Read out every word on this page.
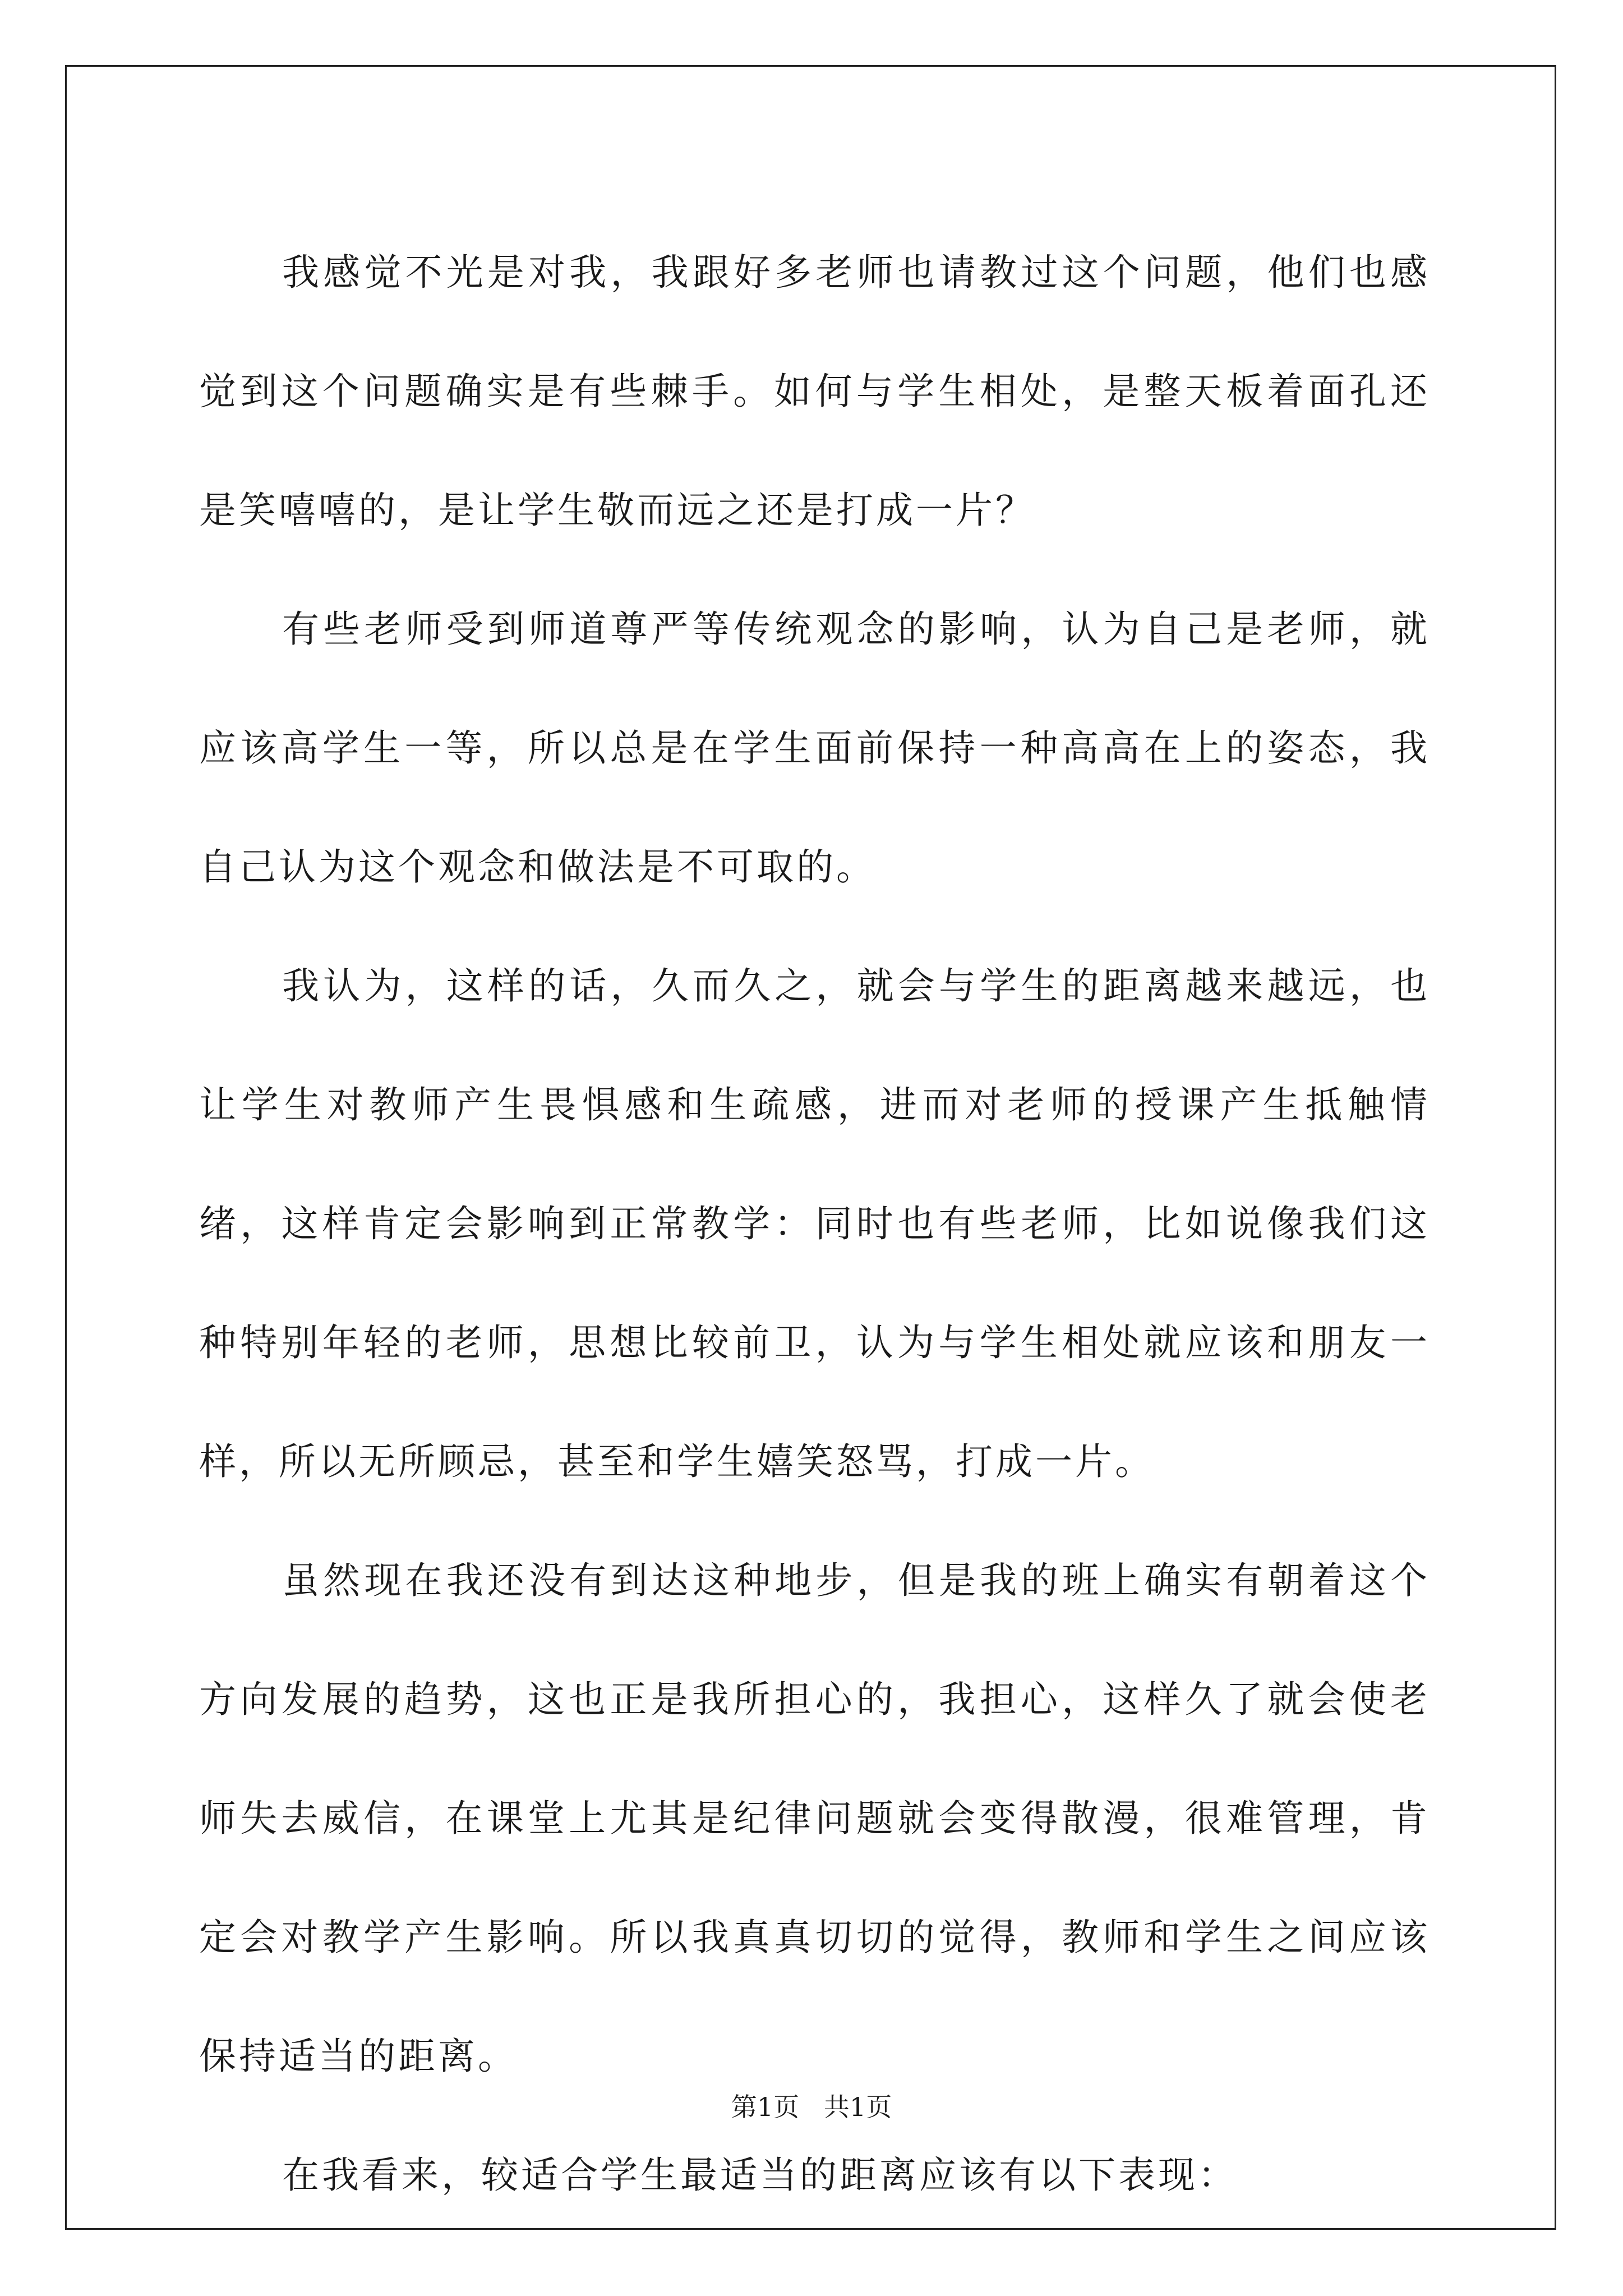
我感觉不光是对我，我跟好多老师也请教过这个问题，他们也感觉到这个问题确实是有些棘手。如何与学生相处，是整天板着面孔还是笑嘻嘻的，是让学生敬而远之还是打成一片？

有些老师受到师道尊严等传统观念的影响，认为自己是老师，就应该高学生一等，所以总是在学生面前保持一种高高在上的姿态，我自己认为这个观念和做法是不可取的。

我认为，这样的话，久而久之，就会与学生的距离越来越远，也让学生对教师产生畏惧感和生疏感，进而对老师的授课产生抵触情绪，这样肯定会影响到正常教学：同时也有些老师，比如说像我们这种特别年轻的老师，思想比较前卫，认为与学生相处就应该和朋友一样，所以无所顾忌，甚至和学生嬉笑怒骂，打成一片。

虽然现在我还没有到达这种地步，但是我的班上确实有朝着这个方向发展的趋势，这也正是我所担心的，我担心，这样久了就会使老师失去威信，在课堂上尤其是纪律问题就会变得散漫，很难管理，肯定会对教学产生影响。所以我真真切切的觉得，教师和学生之间应该保持适当的距离。

在我看来，较适合学生最适当的距离应该有以下表现：

第1页   共1页
